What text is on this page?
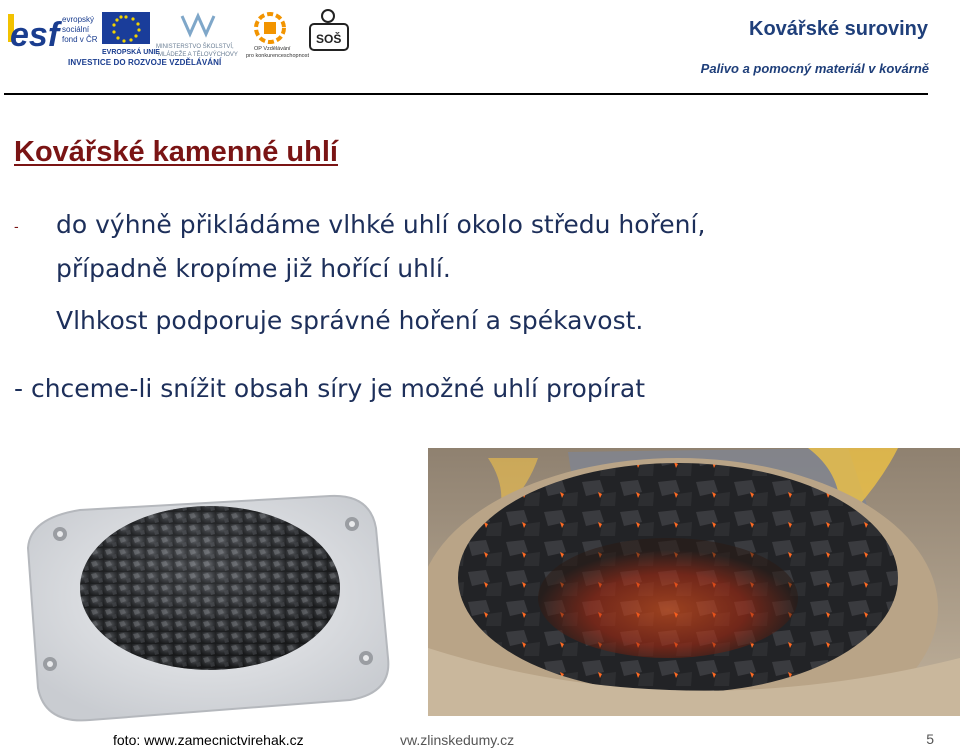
esf evropský
sociální
fond v ČR
EVROPSKÁ UNIE
MINISTERSTVO ŠKOLSTVÍ,
MLÁDEŽE A TĚLOVÝCHOVY
OP Vzdělávání
pro konkurenceschopnost
SOŠ
INVESTICE DO ROZVOJE VZDĚLÁVÁNÍ
Kovářské suroviny
Palivo a pomocný materiál v kovárně
Kovářské kamenné uhlí
- do výhně přikládáme vlhké uhlí okolo středu hoření,
případně kropíme již hořící uhlí.
Vlhkost podporuje správné hoření a spékavost.
- chceme-li snížit obsah síry je možné uhlí propírat
foto: www.zamecnictvirehak.cz	vw.zlinskedumy.cz	5
